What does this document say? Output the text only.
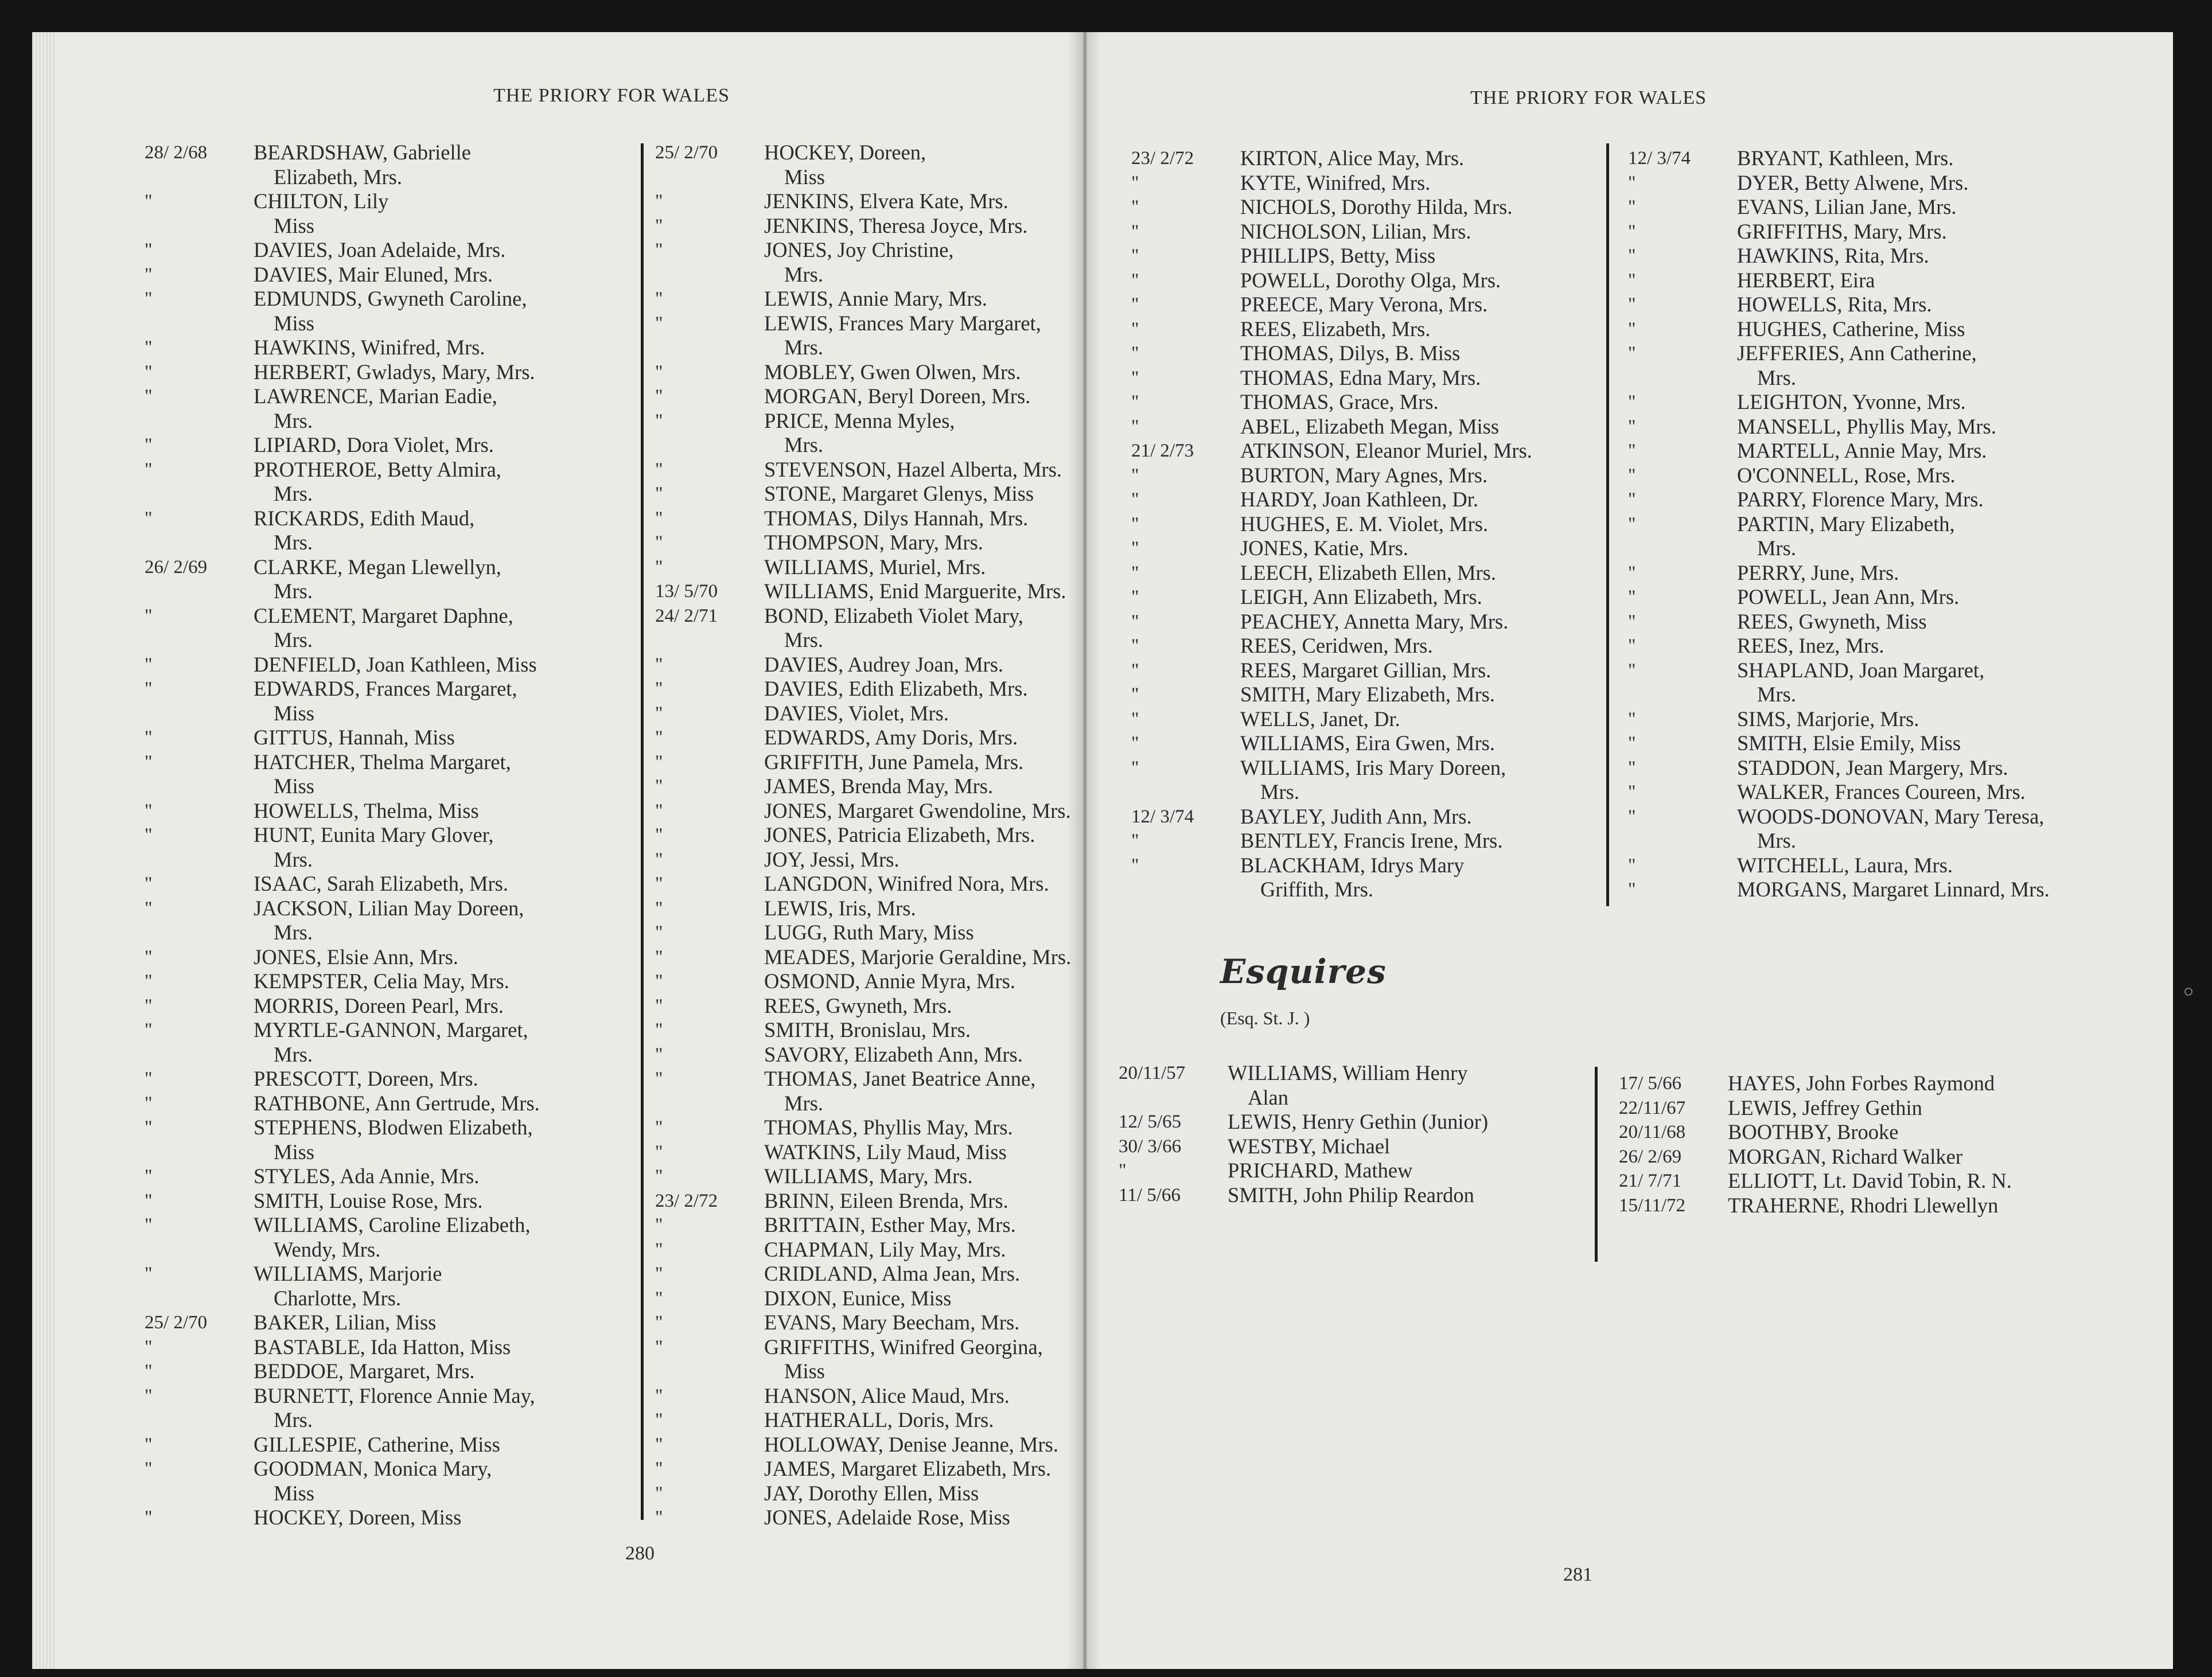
THE PRIORY FOR WALES	THE PRIORY FOR WALES
28/ 2/68 BEARDSHAW, Gabrielle
Elizabeth, Mrs.
"	CHILTON, Lily
Miss
"	DAVIES, Joan Adelaide, Mrs.
"	DAVIES, Mair Eluned, Mrs.
"	EDMUNDS, Gwyneth Caroline,
Miss
"	HAWKINS, Winifred, Mrs.
"	HERBERT, Gwladys, Mary, Mrs.
"	LAWRENCE, Marian Eadie,
Mrs.
"	LIPIARD, Dora Violet, Mrs.
"	PROTHEROE, Betty Almira,
Mrs.
"	RICKARDS, Edith Maud,
Mrs.
26/ 2/69 CLARKE, Megan Llewellyn,
Mrs.
"	CLEMENT, Margaret Daphne,
Mrs.
"	DENFIELD, Joan Kathleen, Miss
"	EDWARDS, Frances Margaret,
Miss
"	GITTUS, Hannah, Miss
"	HATCHER, Thelma Margaret,
Miss
"	HOWELLS, Thelma, Miss
"	HUNT, Eunita Mary Glover,
Mrs.
"	ISAAC, Sarah Elizabeth, Mrs.
"	JACKSON, Lilian May Doreen,
Mrs.
"	JONES, Elsie Ann, Mrs.
"	KEMPSTER, Celia May, Mrs.
"	MORRIS, Doreen Pearl, Mrs.
"	MYRTLE-GANNON, Margaret,
Mrs.
"	PRESCOTT, Doreen, Mrs.
"	RATHBONE, Ann Gertrude, Mrs.
"	STEPHENS, Blodwen Elizabeth,
Miss
"	STYLES, Ada Annie, Mrs.
"	SMITH, Louise Rose, Mrs.
"	WILLIAMS, Caroline Elizabeth,
Wendy, Mrs.
"	WILLIAMS, Marjorie
Charlotte, Mrs.
25/ 2/70 BAKER, Lilian, Miss
"	BASTABLE, Ida Hatton, Miss
"	BEDDOE, Margaret, Mrs.
"	BURNETT, Florence Annie May,
Mrs.
"	GILLESPIE, Catherine, Miss
"	GOODMAN, Monica Mary,
Miss
"	HOCKEY, Doreen, Miss
25/ 2/70 HOCKEY, Doreen,
Miss
"	JENKINS, Elvera Kate, Mrs.
"	JENKINS, Theresa Joyce, Mrs.
"	JONES, Joy Christine,
Mrs.
"	LEWIS, Annie Mary, Mrs.
"	LEWIS, Frances Mary Margaret,
Mrs.
"	MOBLEY, Gwen Olwen, Mrs.
"	MORGAN, Beryl Doreen, Mrs.
"	PRICE, Menna Myles,
Mrs.
"	STEVENSON, Hazel Alberta, Mrs.
"	STONE, Margaret Glenys, Miss
"	THOMAS, Dilys Hannah, Mrs.
"	THOMPSON, Mary, Mrs.
"	WILLIAMS, Muriel, Mrs.
13/ 5/70 WILLIAMS, Enid Marguerite, Mrs.
24/ 2/71 BOND, Elizabeth Violet Mary,
Mrs.
"	DAVIES, Audrey Joan, Mrs.
"	DAVIES, Edith Elizabeth, Mrs.
"	DAVIES, Violet, Mrs.
"	EDWARDS, Amy Doris, Mrs.
"	GRIFFITH, June Pamela, Mrs.
"	JAMES, Brenda May, Mrs.
"	JONES, Margaret Gwendoline, Mrs.
"	JONES, Patricia Elizabeth, Mrs.
"	JOY, Jessi, Mrs.
"	LANGDON, Winifred Nora, Mrs.
"	LEWIS, Iris, Mrs.
"	LUGG, Ruth Mary, Miss
"	MEADES, Marjorie Geraldine, Mrs.
"	OSMOND, Annie Myra, Mrs.
"	REES, Gwyneth, Mrs.
"	SMITH, Bronislau, Mrs.
"	SAVORY, Elizabeth Ann, Mrs.
"	THOMAS, Janet Beatrice Anne,
Mrs.
"	THOMAS, Phyllis May, Mrs.
"	WATKINS, Lily Maud, Miss
"	WILLIAMS, Mary, Mrs.
23/ 2/72 BRINN, Eileen Brenda, Mrs.
"	BRITTAIN, Esther May, Mrs.
"	CHAPMAN, Lily May, Mrs.
"	CRIDLAND, Alma Jean, Mrs.
"	DIXON, Eunice, Miss
"	EVANS, Mary Beecham, Mrs.
"	GRIFFITHS, Winifred Georgina,
Miss
"	HANSON, Alice Maud, Mrs.
"	HATHERALL, Doris, Mrs.
"	HOLLOWAY, Denise Jeanne, Mrs.
"	JAMES, Margaret Elizabeth, Mrs.
"	JAY, Dorothy Ellen, Miss
"	JONES, Adelaide Rose, Miss
23/ 2/72 KIRTON, Alice May, Mrs.
"	KYTE, Winifred, Mrs.
"	NICHOLS, Dorothy Hilda, Mrs.
"	NICHOLSON, Lilian, Mrs.
"	PHILLIPS, Betty, Miss
"	POWELL, Dorothy Olga, Mrs.
"	PREECE, Mary Verona, Mrs.
"	REES, Elizabeth, Mrs.
"	THOMAS, Dilys, B. Miss
"	THOMAS, Edna Mary, Mrs.
"	THOMAS, Grace, Mrs.
"	ABEL, Elizabeth Megan, Miss
21/ 2/73 ATKINSON, Eleanor Muriel, Mrs.
"	BURTON, Mary Agnes, Mrs.
"	HARDY, Joan Kathleen, Dr.
"	HUGHES, E. M. Violet, Mrs.
"	JONES, Katie, Mrs.
"	LEECH, Elizabeth Ellen, Mrs.
"	LEIGH, Ann Elizabeth, Mrs.
"	PEACHEY, Annetta Mary, Mrs.
"	REES, Ceridwen, Mrs.
"	REES, Margaret Gillian, Mrs.
"	SMITH, Mary Elizabeth, Mrs.
"	WELLS, Janet, Dr.
"	WILLIAMS, Eira Gwen, Mrs.
"	WILLIAMS, Iris Mary Doreen,
Mrs.
12/ 3/74 BAYLEY, Judith Ann, Mrs.
"	BENTLEY, Francis Irene, Mrs.
"	BLACKHAM, Idrys Mary
Griffith, Mrs.
12/ 3/74 BRYANT, Kathleen, Mrs.
"	DYER, Betty Alwene, Mrs.
"	EVANS, Lilian Jane, Mrs.
"	GRIFFITHS, Mary, Mrs.
"	HAWKINS, Rita, Mrs.
"	HERBERT, Eira
"	HOWELLS, Rita, Mrs.
"	HUGHES, Catherine, Miss
"	JEFFERIES, Ann Catherine,
Mrs.
"	LEIGHTON, Yvonne, Mrs.
"	MANSELL, Phyllis May, Mrs.
"	MARTELL, Annie May, Mrs.
"	O'CONNELL, Rose, Mrs.
"	PARRY, Florence Mary, Mrs.
"	PARTIN, Mary Elizabeth,
Mrs.
"	PERRY, June, Mrs.
"	POWELL, Jean Ann, Mrs.
"	REES, Gwyneth, Miss
"	REES, Inez, Mrs.
"	SHAPLAND, Joan Margaret,
Mrs.
"	SIMS, Marjorie, Mrs.
"	SMITH, Elsie Emily, Miss
"	STADDON, Jean Margery, Mrs.
"	WALKER, Frances Coureen, Mrs.
"	WOODS-DONOVAN, Mary Teresa,
Mrs.
"	WITCHELL, Laura, Mrs.
"	MORGANS, Margaret Linnard, Mrs.
Esquires
(Esq. St. J. )
20/11/57 WILLIAMS, William Henry
Alan
12/ 5/65 LEWIS, Henry Gethin (Junior)
30/ 3/66 WESTBY, Michael
"	PRICHARD, Mathew
11/ 5/66 SMITH, John Philip Reardon
17/ 5/66 HAYES, John Forbes Raymond
22/11/67 LEWIS, Jeffrey Gethin
20/11/68 BOOTHBY, Brooke
26/ 2/69 MORGAN, Richard Walker
21/ 7/71 ELLIOTT, Lt. David Tobin, R. N.
15/11/72 TRAHERNE, Rhodri Llewellyn
280
281
